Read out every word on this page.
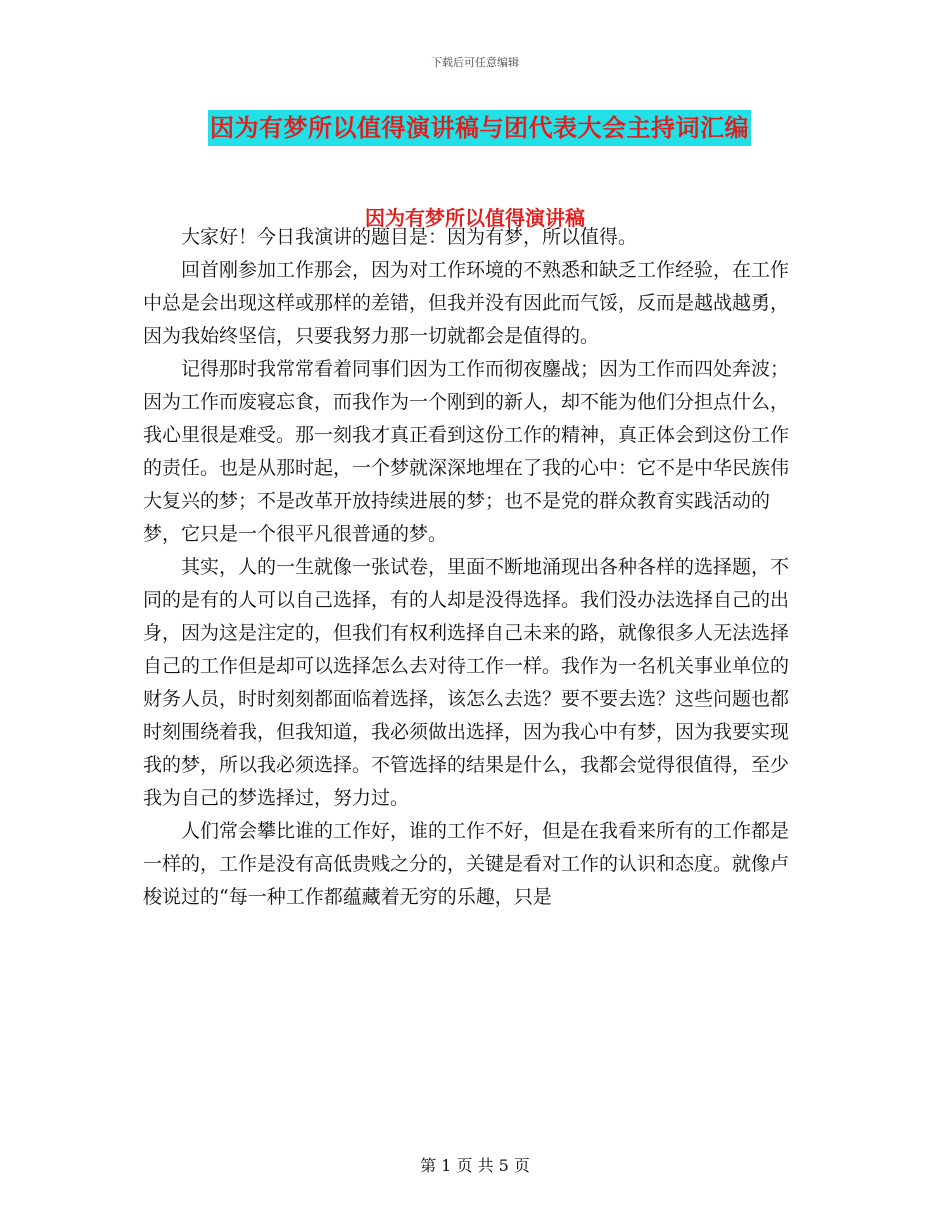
下载后可任意编辑
因为有梦所以值得演讲稿与团代表大会主持词汇编
因为有梦所以值得演讲稿

大家好！今日我演讲的题目是：因为有梦，所以值得。

回首刚参加工作那会，因为对工作环境的不熟悉和缺乏工作经验，在工作中总是会出现这样或那样的差错，但我并没有因此而气馁，反而是越战越勇，因为我始终坚信，只要我努力那一切就都会是值得的。

记得那时我常常看着同事们因为工作而彻夜鏖战；因为工作而四处奔波；因为工作而废寝忘食，而我作为一个刚到的新人，却不能为他们分担点什么，我心里很是难受。那一刻我才真正看到这份工作的精神，真正体会到这份工作的责任。也是从那时起，一个梦就深深地埋在了我的心中：它不是中华民族伟大复兴的梦；不是改革开放持续进展的梦；也不是党的群众教育实践活动的梦，它只是一个很平凡很普通的梦。

其实，人的一生就像一张试卷，里面不断地涌现出各种各样的选择题，不同的是有的人可以自己选择，有的人却是没得选择。我们没办法选择自己的出身，因为这是注定的，但我们有权利选择自己未来的路，就像很多人无法选择自己的工作但是却可以选择怎么去对待工作一样。我作为一名机关事业单位的财务人员，时时刻刻都面临着选择，该怎么去选？要不要去选？这些问题也都时刻围绕着我，但我知道，我必须做出选择，因为我心中有梦，因为我要实现我的梦，所以我必须选择。不管选择的结果是什么，我都会觉得很值得，至少我为自己的梦选择过，努力过。

人们常会攀比谁的工作好，谁的工作不好，但是在我看来所有的工作都是一样的，工作是没有高低贵贱之分的，关键是看对工作的认识和态度。就像卢梭说过的“每一种工作都蕴藏着无穷的乐趣，只是

第 1 页 共 5 页
